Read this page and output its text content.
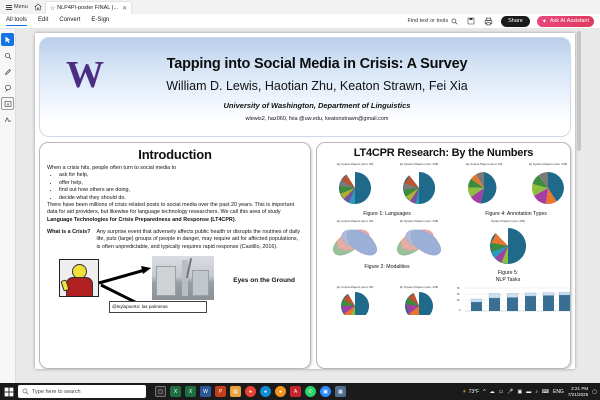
Menu	☆ NLP4PI-poster FINAL (... ✕
All tools Edit Convert E-Sign	Find text or tools	Share	✦ Ask AI Assistant
A
W	Tapping into Social Media in Crisis: A Survey
William D. Lewis, Haotian Zhu, Keaton Strawn, Fei Xia
University of Washington, Department of Linguistics
wlewis2, haz060, fxia @uw.edu, keatonstrawn@gmail.com
Introduction
When a crisis hits, people often turn to social media to
• ask for help,
• offer help,
• find out how others are doing,
• decide what they should do.
There have been millions of crisis related posts to social media over the past 20 years. This is important data for aid providers, but likewise for language technology researchers. We call this area of study Language Technologies for Crisis Preparedness and Response (LT4CPR).
What is a Crisis? Any surprise event that adversely affects public health or disrupts the routines of daily life, puts (large) groups of people in danger, may require aid for affected populations, is often unpredictable, and typically requires rapid response (Castillo, 2016).
Eyes on the Ground
@leylapuerto: las palmeras
LT4CPR Research: By the Numbers
(a) Corpus Papers (sum: 90)	(b) System Papers (sum: 235)
Figure 1: Languages
(a) Corpus Papers (sum: 90)	(b) System Papers (sum: 235)
Figure 4: Annotation Types
(a) Corpus Papers (sum: 90)	(b) System Papers (sum: 235)
Figure 2: Modalities
System Papers (sum: 235)
Figure 5:
NLP Tasks
(a) Corpus Papers (sum: 90)	(b) System Papers (sum: 235)	45
30
15
0
Type here to search	▢	X	X	W	P	▤	●	●	●	A	✆	▣	▦	☀ 73°F ^ ☁ ▭ 🎤 ▣ ▬ ♪ ⌨ ENG 2:21 PM
7/21/2025 ▢
